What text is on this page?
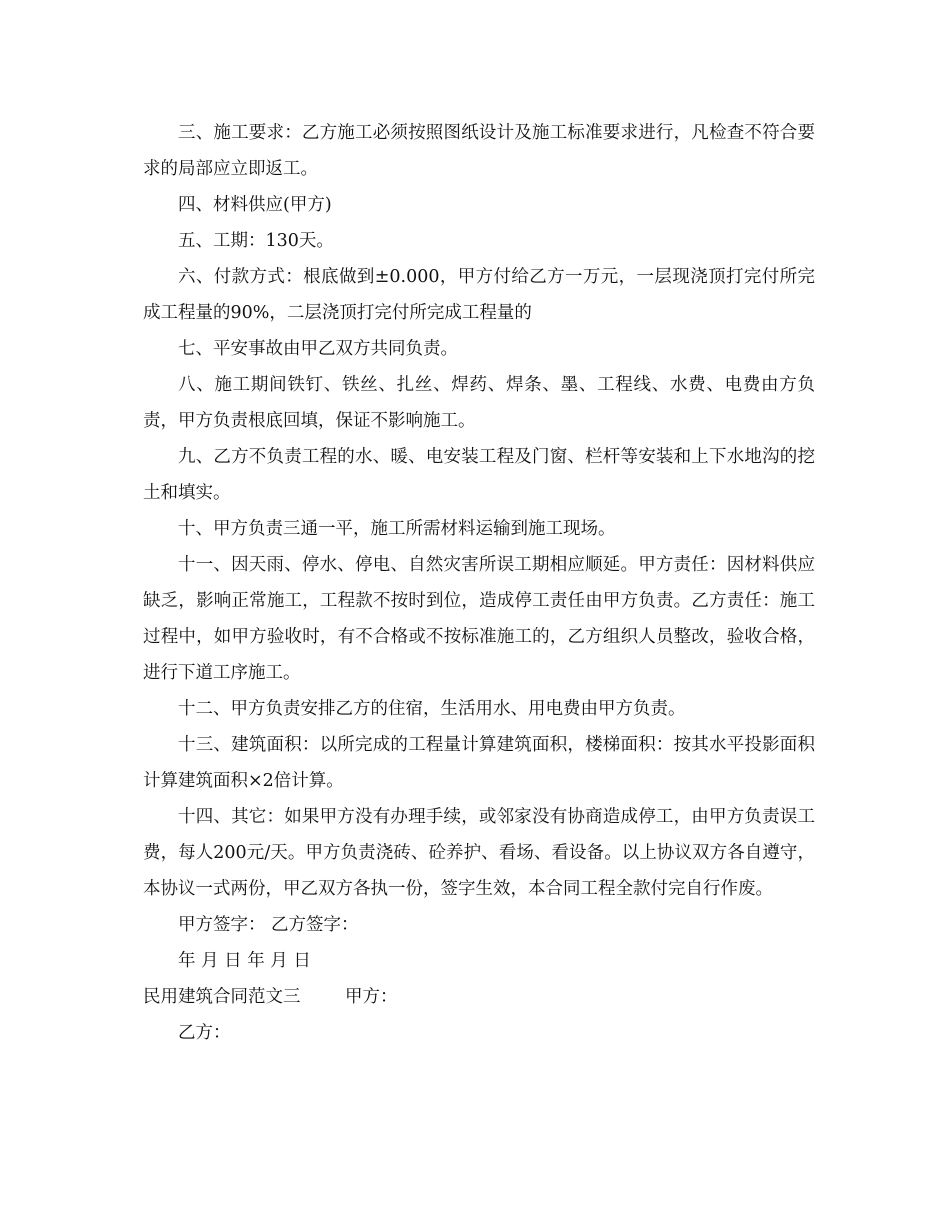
三、施工要求：乙方施工必须按照图纸设计及施工标准要求进行，凡检查不符合要求的局部应立即返工。

四、材料供应(甲方)

五、工期：130天。

六、付款方式：根底做到±0.000，甲方付给乙方一万元，一层现浇顶打完付所完成工程量的90%，二层浇顶打完付所完成工程量的

七、平安事故由甲乙双方共同负责。

八、施工期间铁钉、铁丝、扎丝、焊药、焊条、墨、工程线、水费、电费由方负责，甲方负责根底回填，保证不影响施工。

九、乙方不负责工程的水、暖、电安装工程及门窗、栏杆等安装和上下水地沟的挖土和填实。

十、甲方负责三通一平，施工所需材料运输到施工现场。

十一、因天雨、停水、停电、自然灾害所误工期相应顺延。甲方责任：因材料供应缺乏，影响正常施工，工程款不按时到位，造成停工责任由甲方负责。乙方责任：施工过程中，如甲方验收时，有不合格或不按标准施工的，乙方组织人员整改，验收合格，进行下道工序施工。

十二、甲方负责安排乙方的住宿，生活用水、用电费由甲方负责。

十三、建筑面积：以所完成的工程量计算建筑面积，楼梯面积：按其水平投影面积计算建筑面积×2倍计算。

十四、其它：如果甲方没有办理手续，或邻家没有协商造成停工，由甲方负责误工费，每人200元/天。甲方负责浇砖、砼养护、看场、看设备。以上协议双方各自遵守，本协议一式两份，甲乙双方各执一份，签字生效，本合同工程全款付完自行作废。

甲方签字： 乙方签字：

年 月 日 年 月 日

民用建筑合同范文三	甲方：

乙方：
